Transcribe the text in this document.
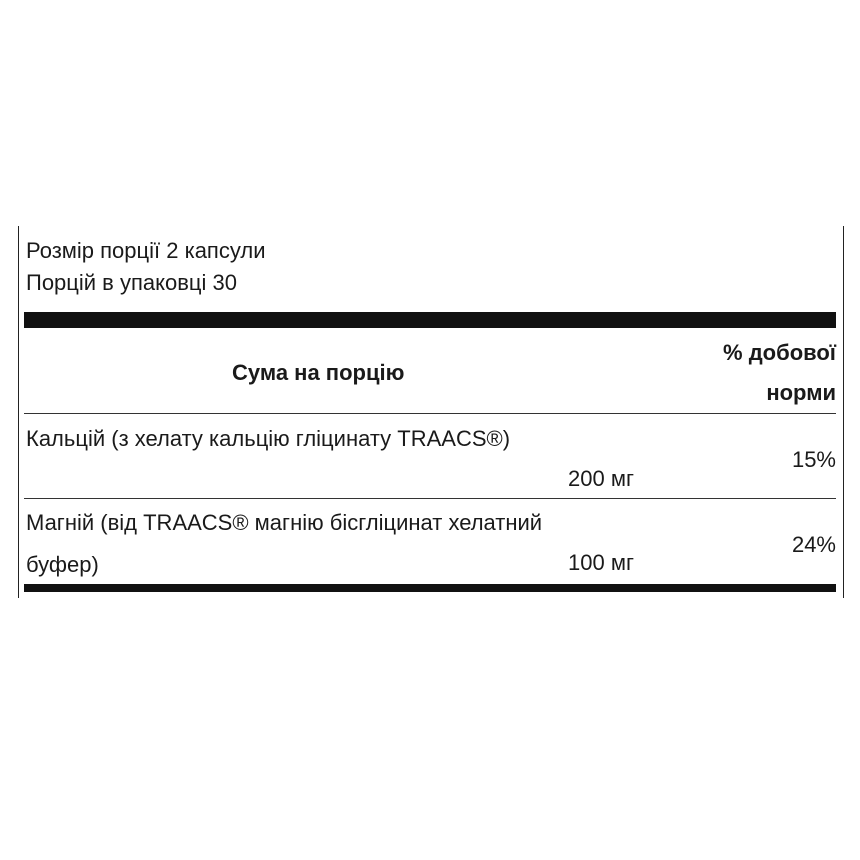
Розмір порції 2 капсули
Порцій в упаковці 30
Сума на порцію
% добової
норми
Кальцій (з хелату кальцію гліцинату TRAACS®)
200 мг
15%
Магній (від TRAACS® магнію бісгліцинат хелатний
буфер)	100 мг
24%
